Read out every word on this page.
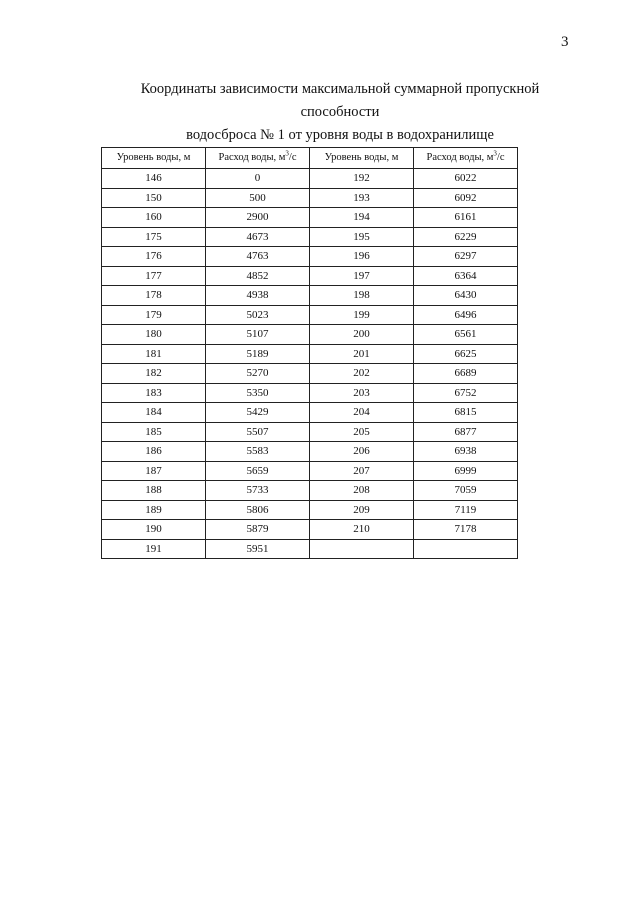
3
Координаты зависимости максимальной суммарной пропускной способности
водосброса № 1 от уровня воды в водохранилище
Уровень воды, м	Расход воды, $м^3/с$	Уровень воды, м	Расход воды, $м^3/с$
146	0	192	6022
150	500	193	6092
160	2900	194	6161
175	4673	195	6229
176	4763	196	6297
177	4852	197	6364
178	4938	198	6430
179	5023	199	6496
180	5107	200	6561
181	5189	201	6625
182	5270	202	6689
183	5350	203	6752
184	5429	204	6815
185	5507	205	6877
186	5583	206	6938
187	5659	207	6999
188	5733	208	7059
189	5806	209	7119
190	5879	210	7178
191	5951		
